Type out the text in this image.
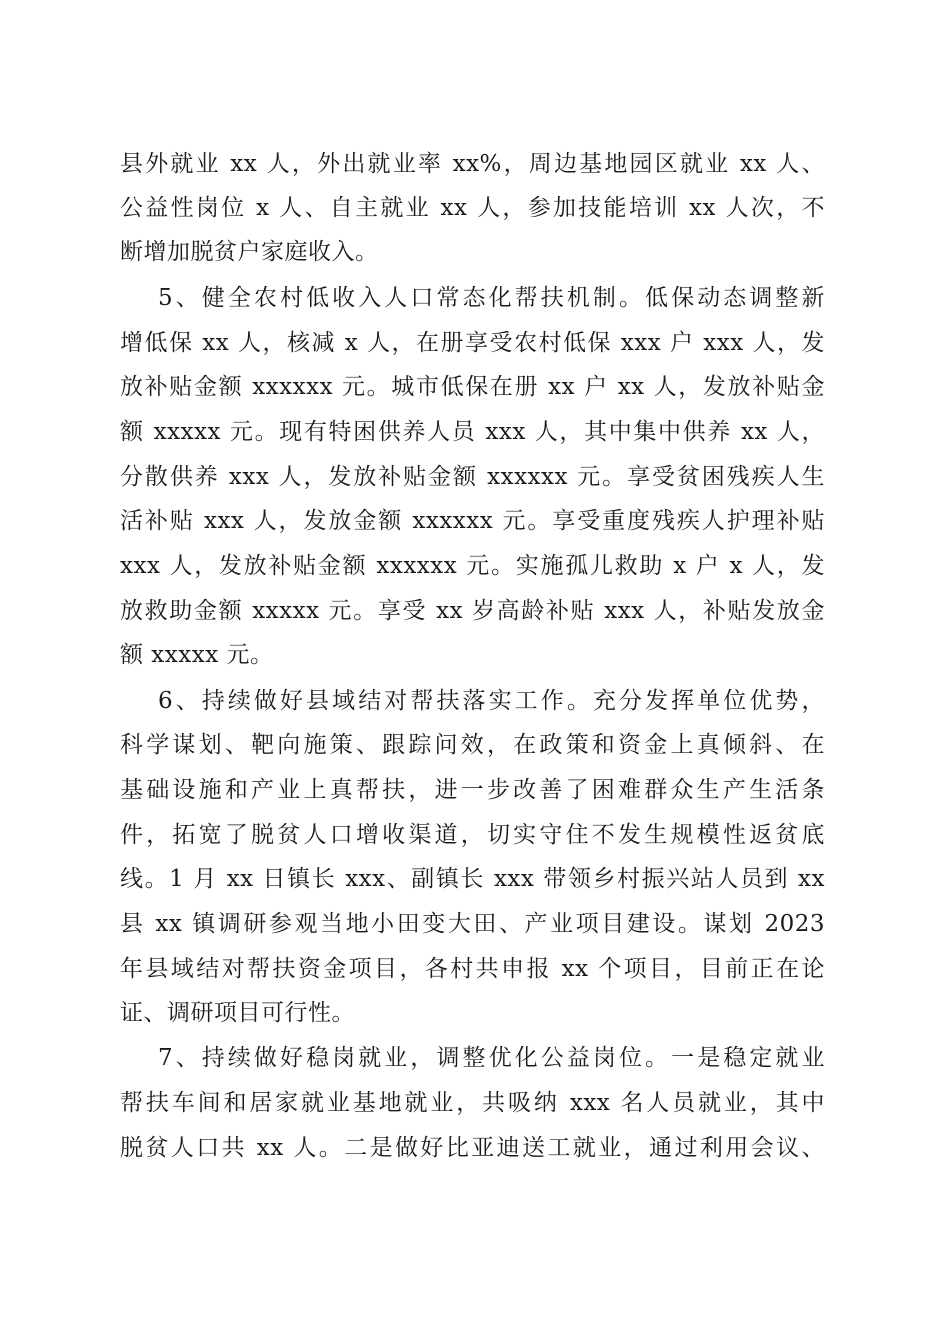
县外就业 xx 人，外出就业率 xx%，周边基地园区就业 xx 人、
公益性岗位 x 人、自主就业 xx 人，参加技能培训 xx 人次，不
断增加脱贫户家庭收入。
5、健全农村低收入人口常态化帮扶机制。低保动态调整新
增低保 xx 人，核减 x 人，在册享受农村低保 xxx 户 xxx 人，发
放补贴金额 xxxxxx 元。城市低保在册 xx 户 xx 人，发放补贴金
额 xxxxx 元。现有特困供养人员 xxx 人，其中集中供养 xx 人，
分散供养 xxx 人，发放补贴金额 xxxxxx 元。享受贫困残疾人生
活补贴 xxx 人，发放金额 xxxxxx 元。享受重度残疾人护理补贴
xxx 人，发放补贴金额 xxxxxx 元。实施孤儿救助 x 户 x 人，发
放救助金额 xxxxx 元。享受 xx 岁高龄补贴 xxx 人，补贴发放金
额 xxxxx 元。
6、持续做好县域结对帮扶落实工作。充分发挥单位优势，
科学谋划、靶向施策、跟踪问效，在政策和资金上真倾斜、在
基础设施和产业上真帮扶，进一步改善了困难群众生产生活条
件，拓宽了脱贫人口增收渠道，切实守住不发生规模性返贫底
线。1 月 xx 日镇长 xxx、副镇长 xxx 带领乡村振兴站人员到 xx
县 xx 镇调研参观当地小田变大田、产业项目建设。谋划 2023
年县域结对帮扶资金项目，各村共申报 xx 个项目，目前正在论
证、调研项目可行性。
7、持续做好稳岗就业，调整优化公益岗位。一是稳定就业
帮扶车间和居家就业基地就业，共吸纳 xxx 名人员就业，其中
脱贫人口共 xx 人。二是做好比亚迪送工就业，通过利用会议、
